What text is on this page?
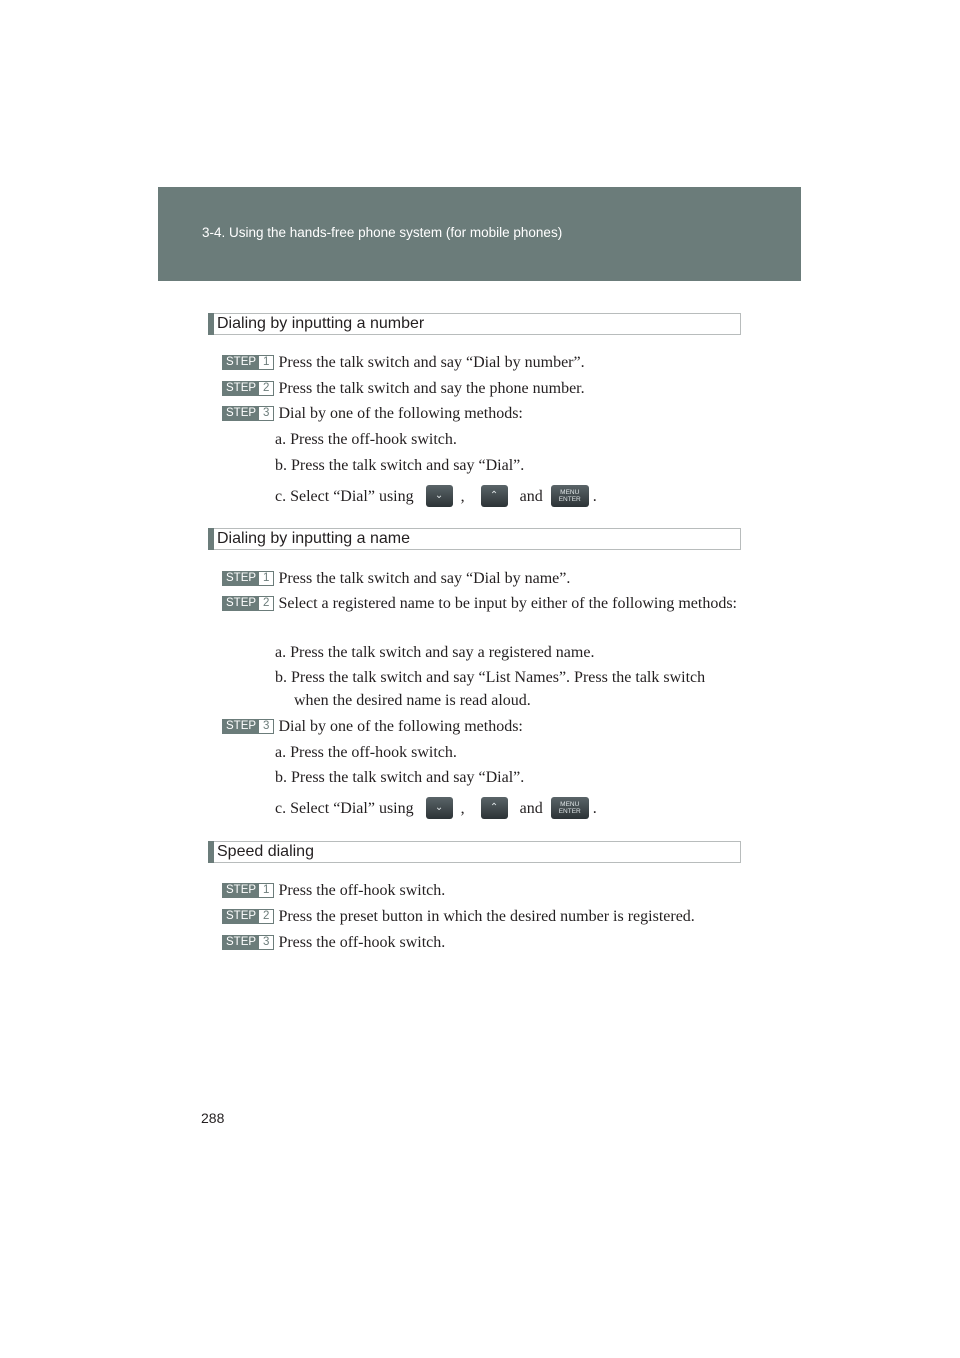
3-4. Using the hands-free phone system (for mobile phones)
Dialing by inputting a number
STEP 1 Press the talk switch and say “Dial by number”.
STEP 2 Press the talk switch and say the phone number.
STEP 3 Dial by one of the following methods:
a. Press the off-hook switch.
b. Press the talk switch and say “Dial”.
c. Select “Dial” using ⌄ ,	⌃ and	MENU
ENTER .
Dialing by inputting a name
STEP 1 Press the talk switch and say “Dial by name”.
STEP 2 Select a registered name to be input by either of the following methods:
a. Press the talk switch and say a registered name.
b. Press the talk switch and say “List Names”. Press the talk switch
when the desired name is read aloud.
STEP 3 Dial by one of the following methods:
a. Press the off-hook switch.
b. Press the talk switch and say “Dial”.
c. Select “Dial” using ⌄ ,	⌃ and	MENU
ENTER .
Speed dialing
STEP 1 Press the off-hook switch.
STEP 2 Press the preset button in which the desired number is registered.
STEP 3 Press the off-hook switch.
288
